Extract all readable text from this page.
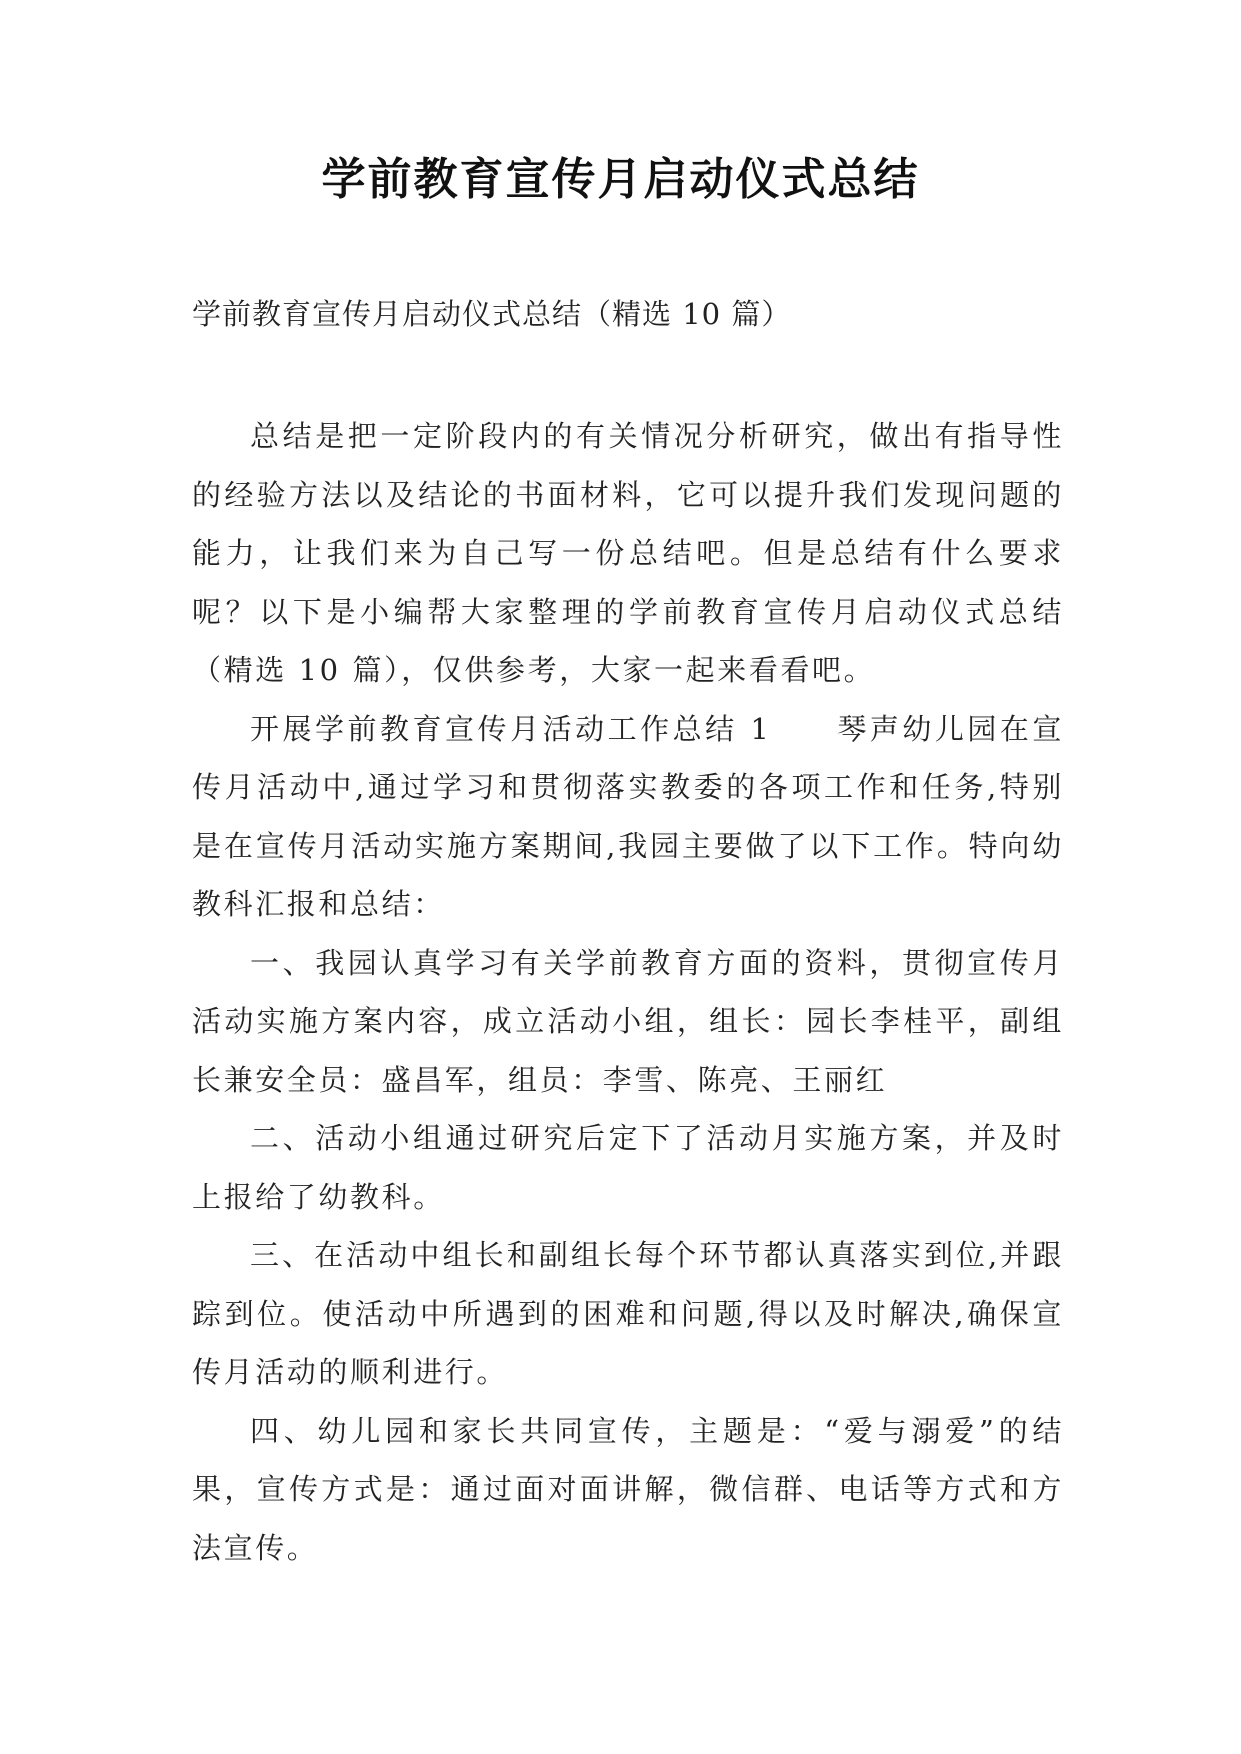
学前教育宣传月启动仪式总结

学前教育宣传月启动仪式总结（精选 10 篇）

总结是把一定阶段内的有关情况分析研究，做出有指导性的经验方法以及结论的书面材料，它可以提升我们发现问题的能力，让我们来为自己写一份总结吧。但是总结有什么要求呢？以下是小编帮大家整理的学前教育宣传月启动仪式总结（精选 10 篇），仅供参考，大家一起来看看吧。

开展学前教育宣传月活动工作总结 1　　琴声幼儿园在宣传月活动中,通过学习和贯彻落实教委的各项工作和任务,特别是在宣传月活动实施方案期间,我园主要做了以下工作。特向幼教科汇报和总结：

一、我园认真学习有关学前教育方面的资料，贯彻宣传月活动实施方案内容，成立活动小组，组长：园长李桂平，副组长兼安全员：盛昌军，组员：李雪、陈亮、王丽红

二、活动小组通过研究后定下了活动月实施方案，并及时上报给了幼教科。

三、在活动中组长和副组长每个环节都认真落实到位,并跟踪到位。使活动中所遇到的困难和问题,得以及时解决,确保宣传月活动的顺利进行。

四、幼儿园和家长共同宣传，主题是：“爱与溺爱”的结果，宣传方式是：通过面对面讲解，微信群、电话等方式和方法宣传。
